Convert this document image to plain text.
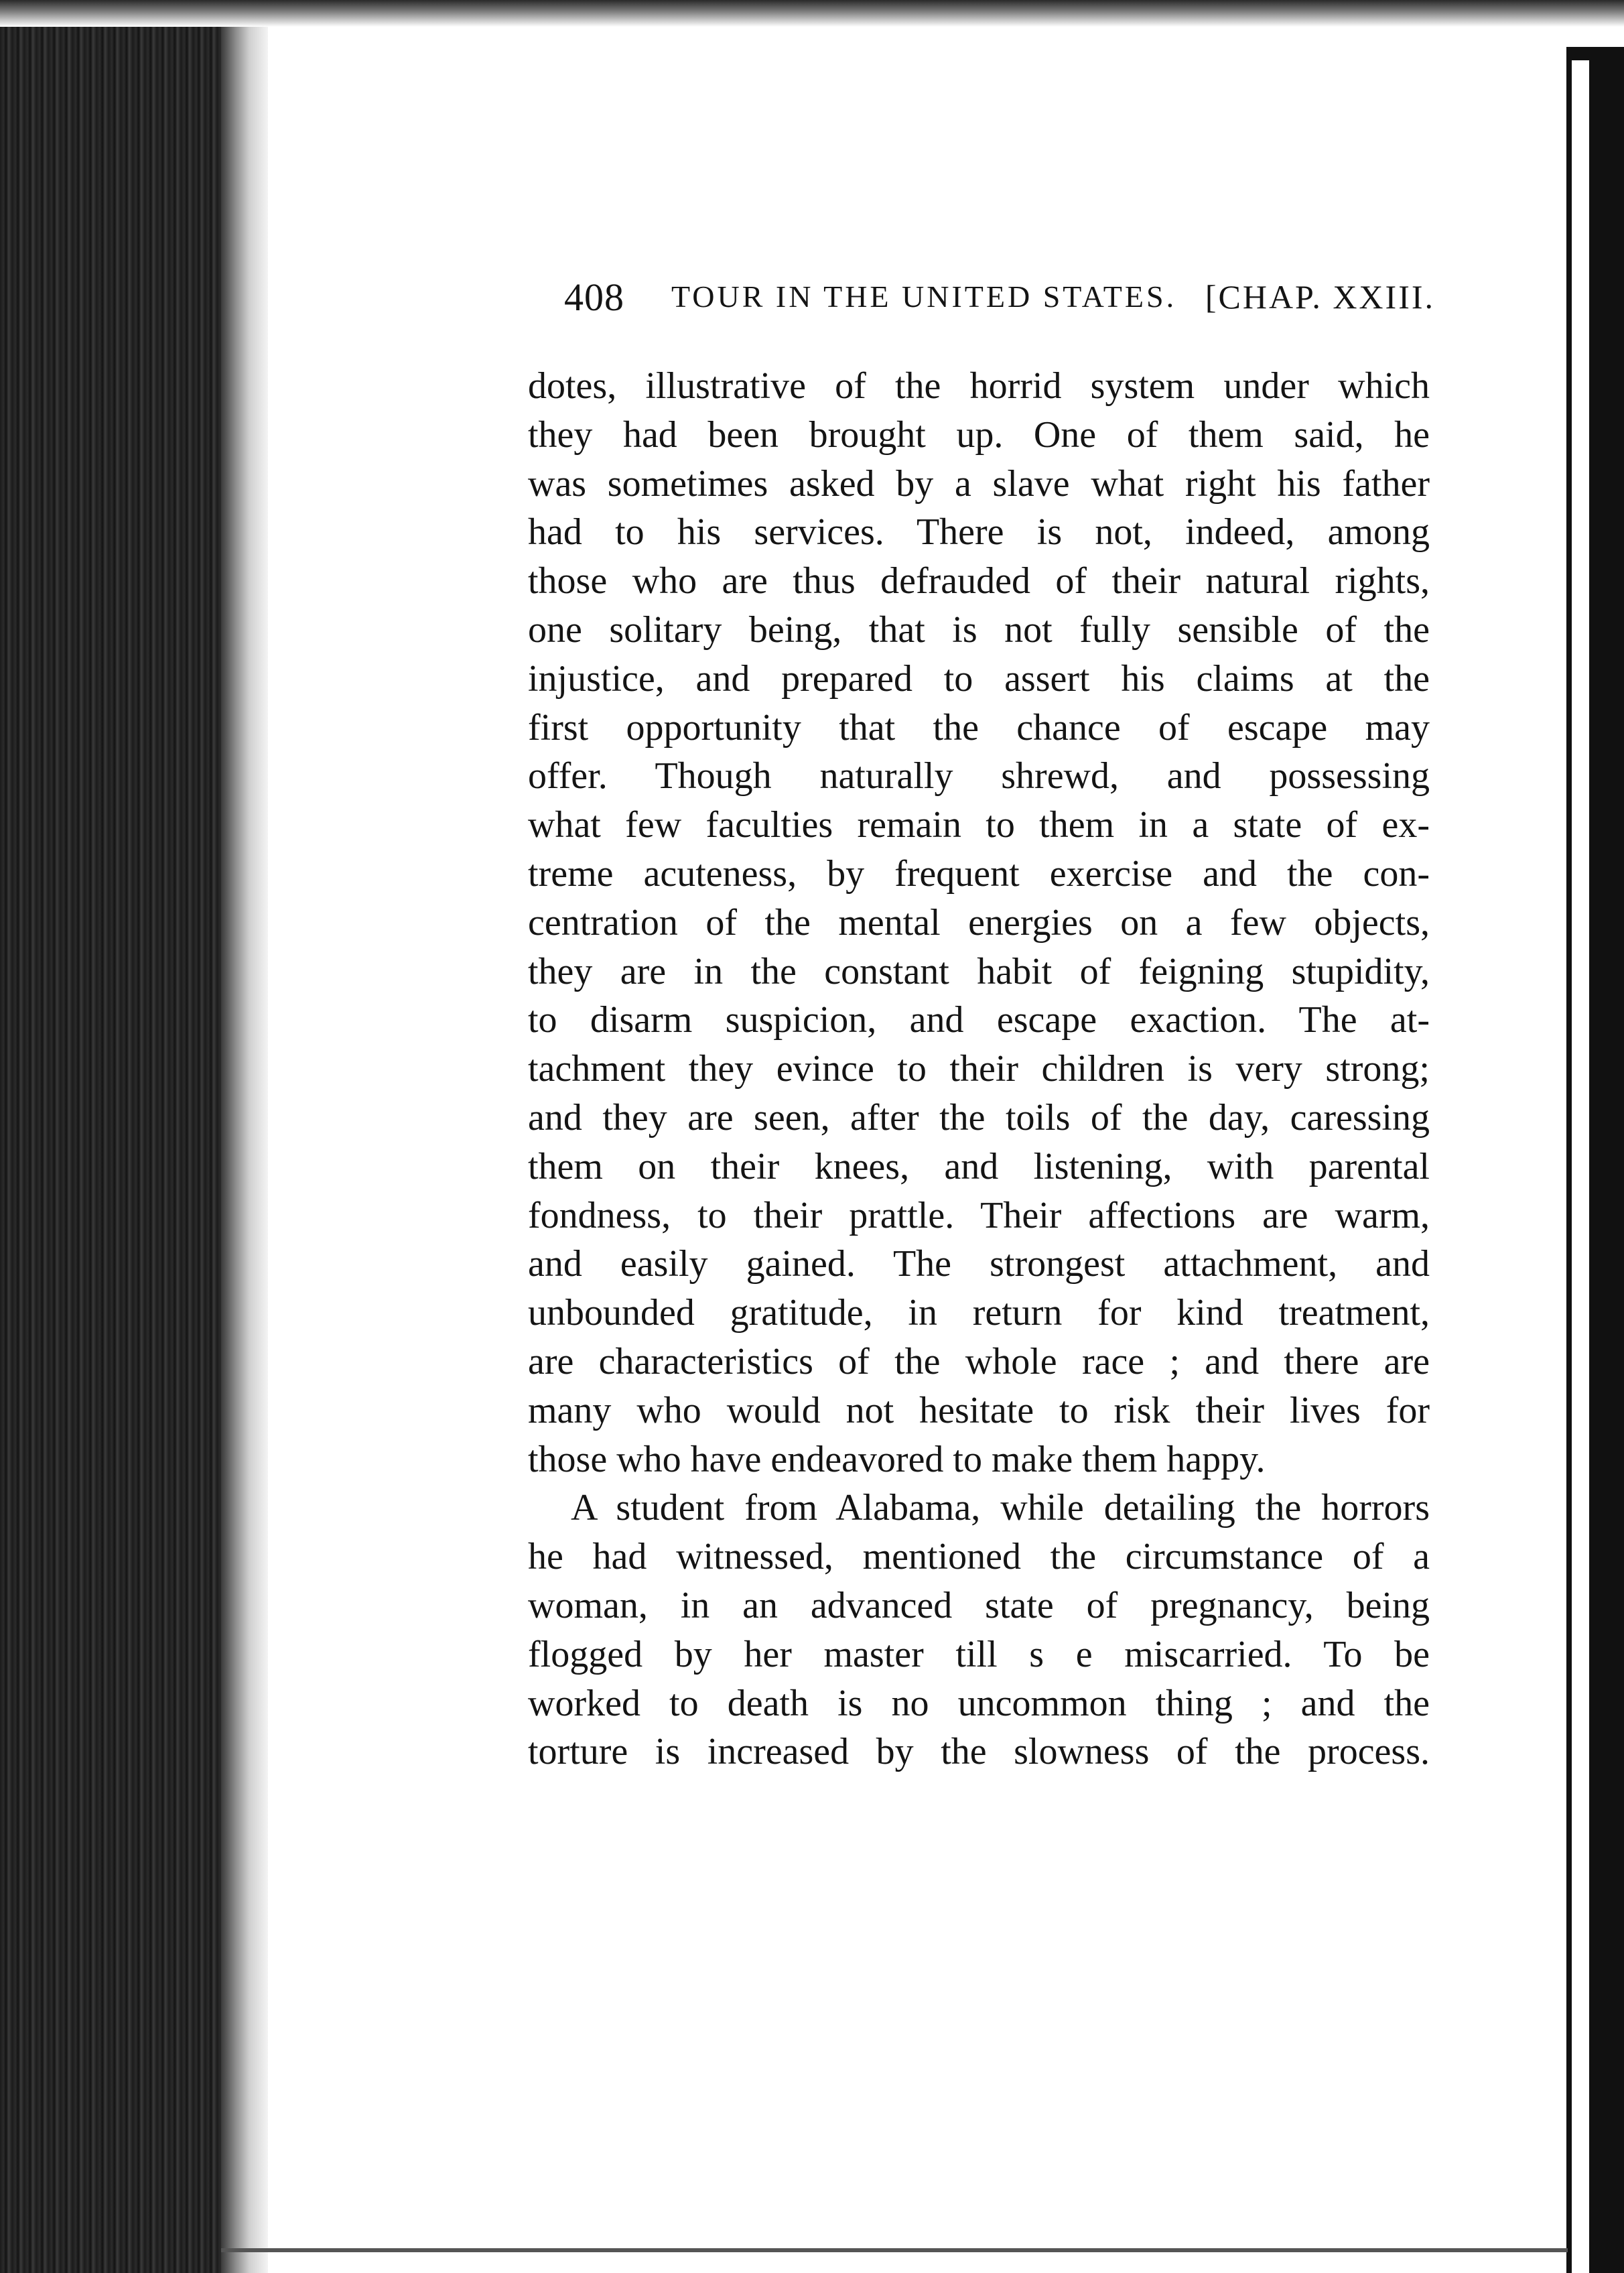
408 TOUR IN THE UNITED STATES. [CHAP. XXIII.
dotes, illustrative of the horrid system under which
they had been brought up. One of them said, he
was sometimes asked by a slave what right his father
had to his services. There is not, indeed, among
those who are thus defrauded of their natural rights,
one solitary being, that is not fully sensible of the
injustice, and prepared to assert his claims at the
first opportunity that the chance of escape may
offer. Though naturally shrewd, and possessing
what few faculties remain to them in a state of ex-
treme acuteness, by frequent exercise and the con-
centration of the mental energies on a few objects,
they are in the constant habit of feigning stupidity,
to disarm suspicion, and escape exaction. The at-
tachment they evince to their children is very strong;
and they are seen, after the toils of the day, caressing
them on their knees, and listening, with parental
fondness, to their prattle. Their affections are warm,
and easily gained. The strongest attachment, and
unbounded gratitude, in return for kind treatment,
are characteristics of the whole race ; and there are
many who would not hesitate to risk their lives for
those who have endeavored to make them happy.
A student from Alabama, while detailing the horrors
he had witnessed, mentioned the circumstance of a
woman, in an advanced state of pregnancy, being
flogged by her master till s e miscarried. To be
worked to death is no uncommon thing ; and the
torture is increased by the slowness of the process.
